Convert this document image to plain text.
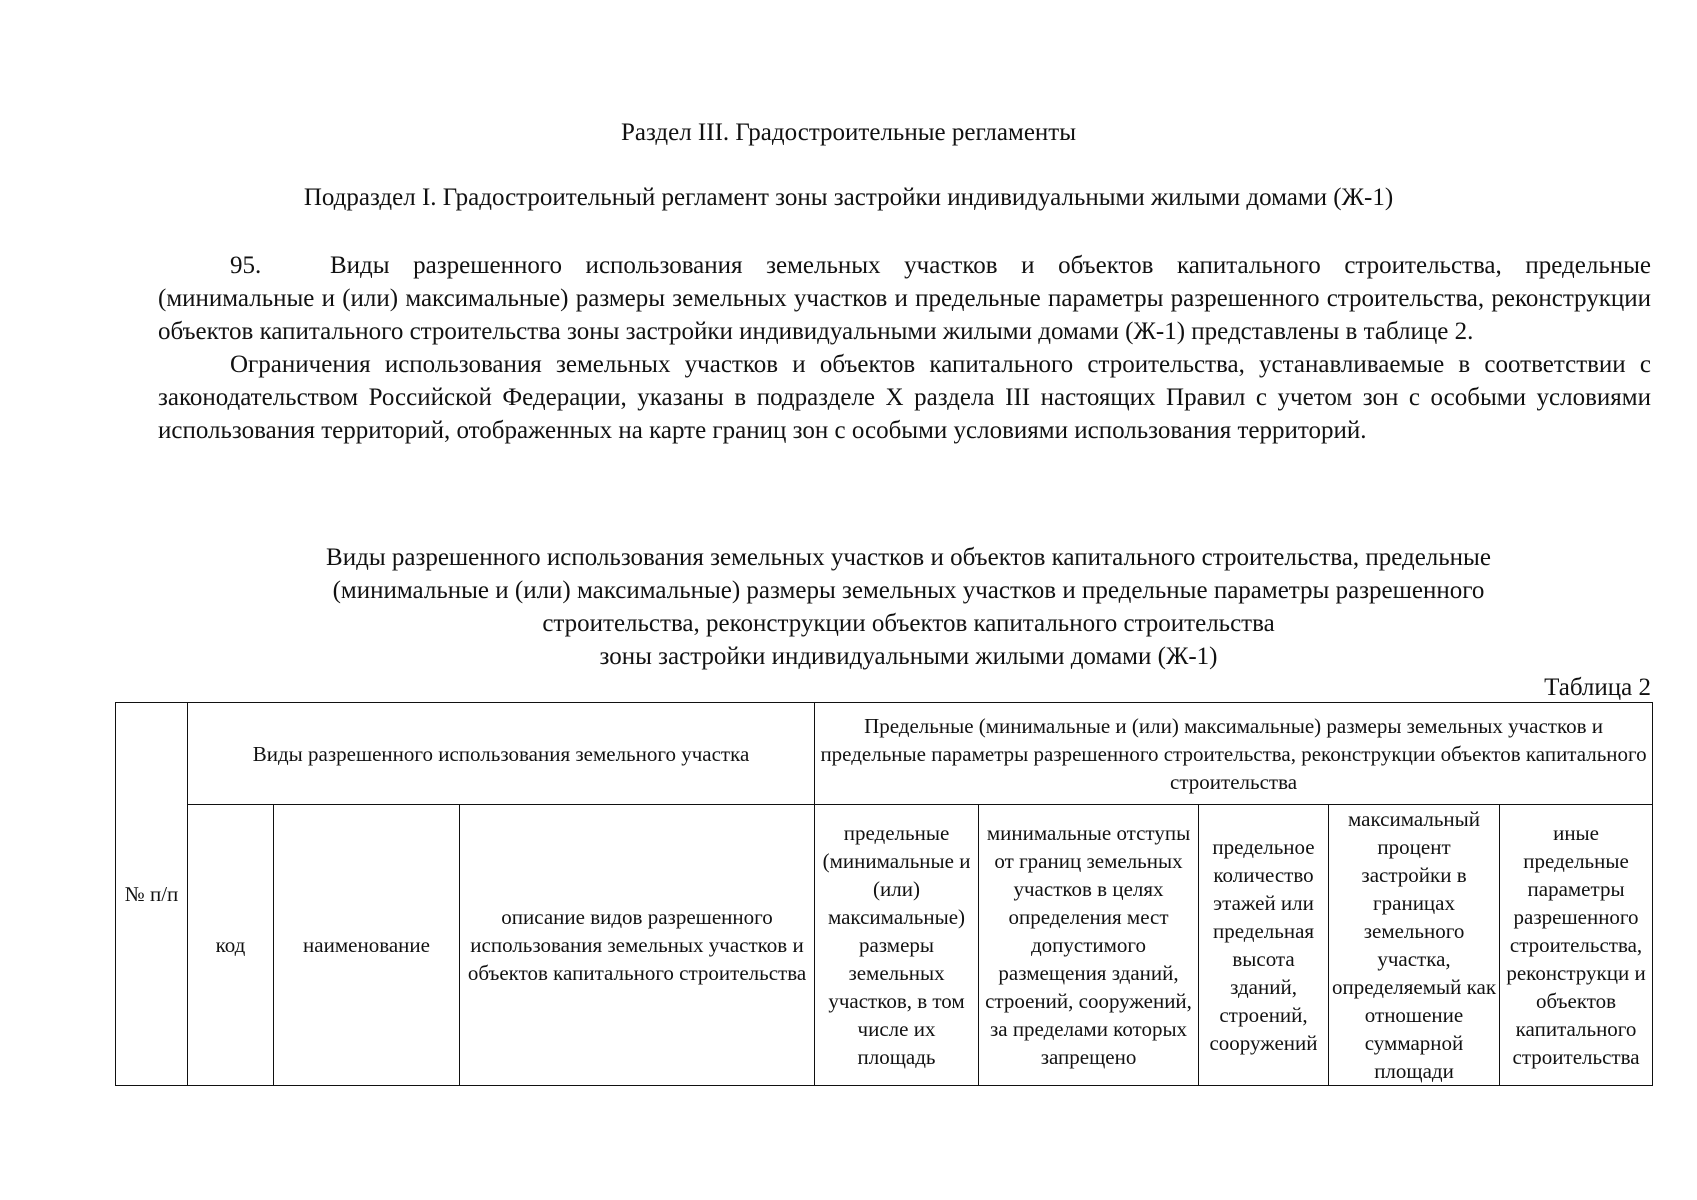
Раздел III. Градостроительные регламенты
Подраздел I. Градостроительный регламент зоны застройки индивидуальными жилыми домами (Ж-1)

95.	Виды разрешенного использования земельных участков и объектов капитального строительства, предельные (минимальные и (или) максимальные) размеры земельных участков и предельные параметры разрешенного строительства, реконструкции объектов капитального строительства зоны застройки индивидуальными жилыми домами (Ж-1) представлены в таблице 2.

Ограничения использования земельных участков и объектов капитального строительства, устанавливаемые в соответствии с законодательством Российской Федерации, указаны в подразделе X раздела III настоящих Правил с учетом зон с особыми условиями использования территорий, отображенных на карте границ зон с особыми условиями использования территорий.

Виды разрешенного использования земельных участков и объектов капитального строительства, предельные
(минимальные и (или) максимальные) размеры земельных участков и предельные параметры разрешенного
строительства, реконструкции объектов капитального строительства
зоны застройки индивидуальными жилыми домами (Ж-1)
Таблица 2
№ п/п	Виды разрешенного использования земельного участка			Предельные (минимальные и (или) максимальные) размеры земельных участков и предельные параметры разрешенного строительства, реконструкции объектов капитального строительства				
	код	наименование	описание видов разрешенного использования земельных участков и объектов капитального строительства	предельные (минимальные и (или) максимальные) размеры земельных участков, в том числе их площадь	минимальные отступы от границ земельных участков в целях определения мест допустимого размещения зданий, строений, сооружений, за пределами которых запрещено	предельное количество этажей или предельная высота зданий, строений, сооружений	максимальный процент застройки в границах земельного участка, определяемый как отношение суммарной площади	иные предельные параметры разрешенного строительства, реконструкци и объектов капитального строительства
